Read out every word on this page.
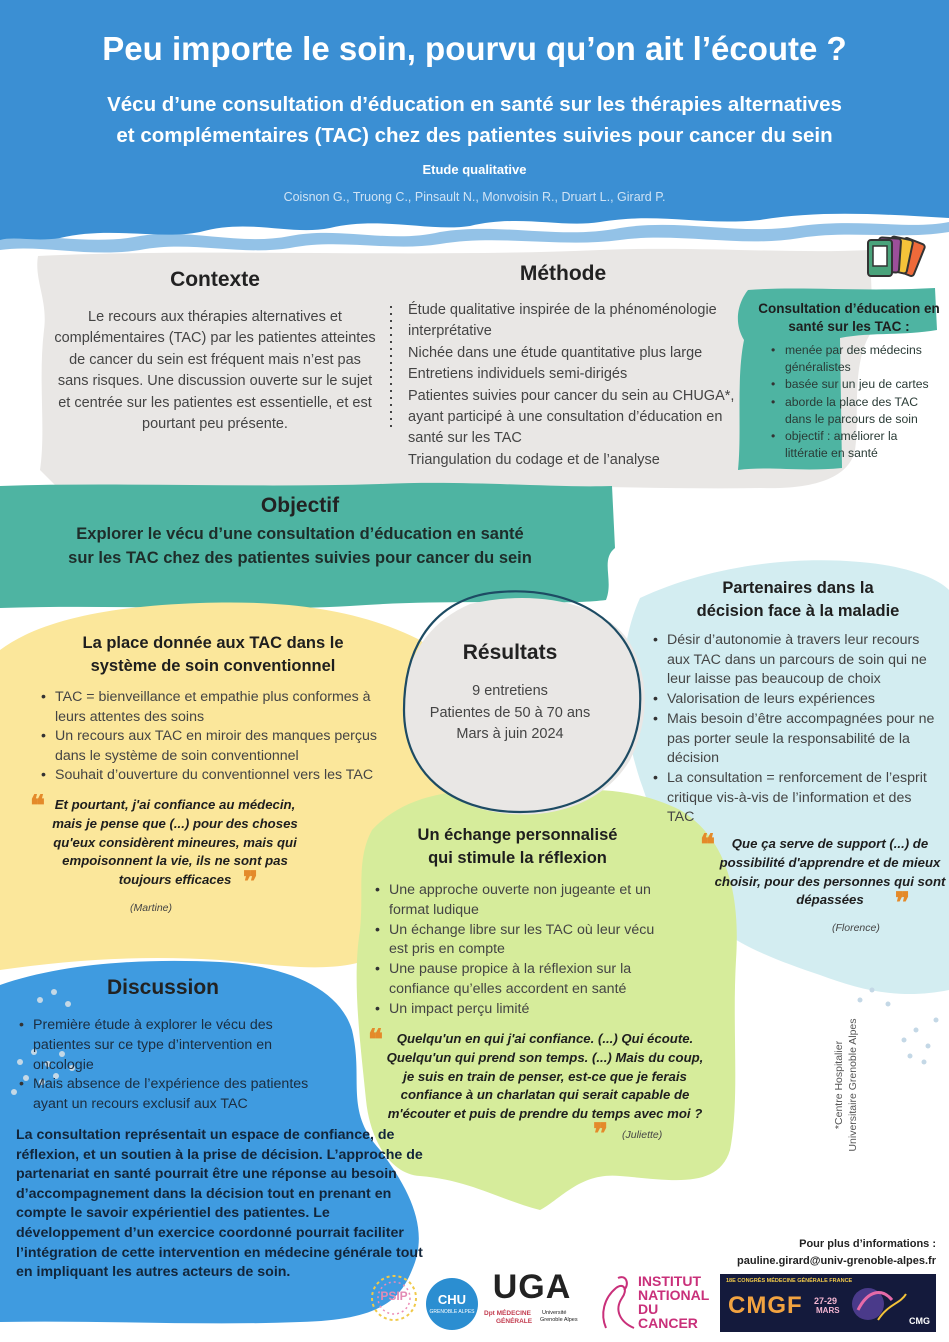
Peu importe le soin, pourvu qu’on ait l’écoute ?
Vécu d’une consultation d’éducation en santé sur les thérapies alternatives
et complémentaires (TAC) chez des patientes suivies pour cancer du sein
Etude qualitative
Coisnon G., Truong C., Pinsault N., Monvoisin R., Druart L., Girard P.
Contexte

Le recours aux thérapies alternatives et complémentaires (TAC) par les patientes atteintes de cancer du sein est fréquent mais n’est pas sans risques. Une discussion ouverte sur le sujet et centrée sur les patientes est essentielle, et est pourtant peu présente.

Méthode
Étude qualitative inspirée de la phénoménologie interprétative
Nichée dans une étude quantitative plus large
Entretiens individuels semi-dirigés
Patientes suivies pour cancer du sein au CHUGA*, ayant participé à une consultation d’éducation en santé sur les TAC
Triangulation du codage et de l’analyse
Consultation d’éducation en santé sur les TAC :
• menée par des médecins généralistes
• basée sur un jeu de cartes
• aborde la place des TAC dans le parcours de soin
• objectif : améliorer la littératie en santé
Objectif
Explorer le vécu d’une consultation d’éducation en santé
sur les TAC chez des patientes suivies pour cancer du sein
Résultats
9 entretiens
Patientes de 50 à 70 ans
Mars à juin 2024
La place donnée aux TAC dans le
système de soin conventionnel
• TAC = bienveillance et empathie plus conformes à leurs attentes des soins
• Un recours aux TAC en miroir des manques perçus dans le système de soin conventionnel
• Souhait d’ouverture du conventionnel vers les TAC
❝ Et pourtant, j'ai confiance au médecin, mais je pense que (...) pour des choses qu'eux considèrent mineures, mais qui empoisonnent la vie, ils ne sont pas toujours efficaces ❞
(Martine)
Partenaires dans la
décision face à la maladie
• Désir d’autonomie à travers leur recours aux TAC dans un parcours de soin qui ne leur laisse pas beaucoup de choix
• Valorisation de leurs expériences
• Mais besoin d’être accompagnées pour ne pas porter seule la responsabilité de la décision
• La consultation = renforcement de l’esprit critique vis-à-vis de l’information et des TAC
❝	Que ça serve de support (...) de possibilité d'apprendre et de mieux choisir, pour des personnes qui sont dépassées	❞
(Florence)
Un échange personnalisé
qui stimule la réflexion
• Une approche ouverte non jugeante et un format ludique
• Un échange libre sur les TAC où leur vécu est pris en compte
• Une pause propice à la réflexion sur la confiance qu’elles accordent en santé
• Un impact perçu limité
❝	Quelqu'un en qui j'ai confiance. (...) Qui écoute. Quelqu'un qui prend son temps. (...) Mais du coup, je suis en train de penser, est-ce que je ferais confiance à un charlatan qui serait capable de m'écouter et puis de prendre du temps avec moi ?
(Juliette)
Discussion
• Première étude à explorer le vécu des patientes sur ce type d’intervention en oncologie
• Mais absence de l’expérience des patientes ayant un recours exclusif aux TAC
La consultation représentait un espace de confiance, de réflexion, et un soutien à la prise de décision. L’approche de partenariat en santé pourrait être une réponse au besoin d’accompagnement dans la décision tout en prenant en compte le savoir expérientiel des patientes. Le développement d’un exercice coordonné pourrait faciliter l’intégration de cette intervention en médecine générale tout en impliquant les autres acteurs de soin.
*Centre Hospitalier Universitaire Grenoble Alpes
Pour plus d’informations :
pauline.girard@univ-grenoble-alpes.fr
PSIP	CHU
GRENOBLE ALPES
UGA
Dpt MÉDECINE
GÉNÉRALE
Université
Grenoble Alpes
INSTITUT
NATIONAL
DU CANCER
18E CONGRÈS MÉDECINE GÉNÉRALE FRANCE
CMGF 27-29
MARS
CMG
